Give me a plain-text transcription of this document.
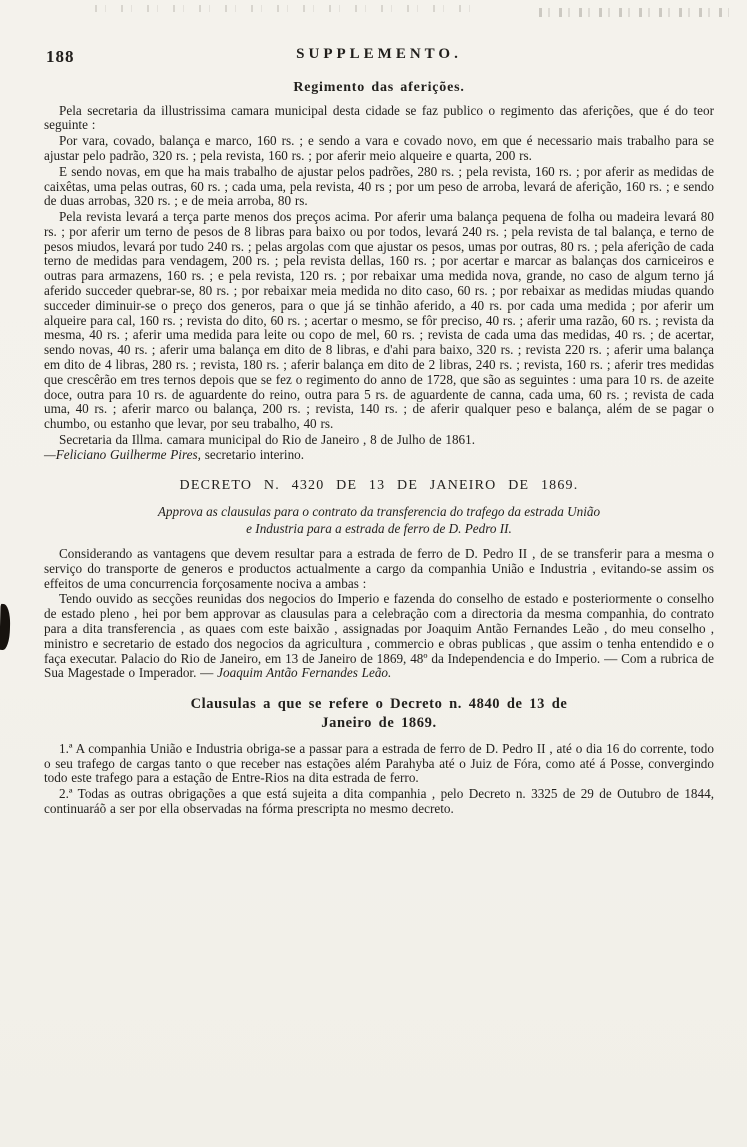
188	SUPPLEMENTO.
Regimento das aferições.

Pela secretaria da illustrissima camara municipal desta cidade se faz publico o regimento das aferições, que é do teor seguinte :

Por vara, covado, balança e marco, 160 rs. ; e sendo a vara e covado novo, em que é necessario mais trabalho para se ajustar pelo padrão, 320 rs. ; pela revista, 160 rs. ; por aferir meio alqueire e quarta, 200 rs.

E sendo novas, em que ha mais trabalho de ajustar pelos padrões, 280 rs. ; pela revista, 160 rs. ; por aferir as medidas de caixêtas, uma pelas outras, 60 rs. ; cada uma, pela revista, 40 rs ; por um peso de arroba, levará de aferição, 160 rs. ; e sendo de duas arrobas, 320 rs. ; e de meia arroba, 80 rs.

Pela revista levará a terça parte menos dos preços acima. Por aferir uma balança pequena de folha ou madeira levará 80 rs. ; por aferir um terno de pesos de 8 libras para baixo ou por todos, levará 240 rs. ; pela revista de tal balança, e terno de pesos miudos, levará por tudo 240 rs. ; pelas argolas com que ajustar os pesos, umas por outras, 80 rs. ; pela aferição de cada terno de medidas para vendagem, 200 rs. ; pela revista dellas, 160 rs. ; por acertar e marcar as balanças dos carniceiros e outras para armazens, 160 rs. ; e pela revista, 120 rs. ; por rebaixar uma medida nova, grande, no caso de algum terno já aferido succeder quebrar-se, 80 rs. ; por rebaixar meia medida no dito caso, 60 rs. ; por rebaixar as medidas miudas quando succeder diminuir-se o preço dos generos, para o que já se tinhão aferido, a 40 rs. por cada uma medida ; por aferir um alqueire para cal, 160 rs. ; revista do dito, 60 rs. ; acertar o mesmo, se fôr preciso, 40 rs. ; aferir uma razão, 60 rs. ; revista da mesma, 40 rs. ; aferir uma medida para leite ou copo de mel, 60 rs. ; revista de cada uma das medidas, 40 rs. ; de acertar, sendo novas, 40 rs. ; aferir uma balança em dito de 8 libras, e d'ahi para baixo, 320 rs. ; revista 220 rs. ; aferir uma balança em dito de 4 libras, 280 rs. ; revista, 180 rs. ; aferir balança em dito de 2 libras, 240 rs. ; revista, 160 rs. ; aferir tres medidas que crescêrão em tres ternos depois que se fez o regimento do anno de 1728, que são as seguintes : uma para 10 rs. de azeite doce, outra para 10 rs. de aguardente do reino, outra para 5 rs. de aguardente de canna, cada uma, 60 rs. ; revista de cada uma, 40 rs. ; aferir marco ou balança, 200 rs. ; revista, 140 rs. ; de aferir qualquer peso e balança, além de se pagar o chumbo, ou estanho que levar, por seu trabalho, 40 rs.

Secretaria da Illma. camara municipal do Rio de Janeiro , 8 de Julho de 1861.
—Feliciano Guilherme Pires, secretario interino.

DECRETO N. 4320 DE 13 DE JANEIRO DE 1869.

Approva as clausulas para o contrato da transferencia do trafego da estrada União
e Industria para a estrada de ferro de D. Pedro II.

Considerando as vantagens que devem resultar para a estrada de ferro de D. Pedro II , de se transferir para a mesma o serviço do transporte de generos e productos actualmente a cargo da companhia União e Industria , evitando-se assim os effeitos de uma concurrencia forçosamente nociva a ambas :

Tendo ouvido as secções reunidas dos negocios do Imperio e fazenda do conselho de estado e posteriormente o conselho de estado pleno , hei por bem approvar as clausulas para a celebração com a directoria da mesma companhia, do contrato para a dita transferencia , as quaes com este baixão , assignadas por Joaquim Antão Fernandes Leão , do meu conselho , ministro e secretario de estado dos negocios da agricultura , commercio e obras publicas , que assim o tenha entendido e o faça executar. Palacio do Rio de Janeiro, em 13 de Janeiro de 1869, 48º da Independencia e do Imperio. — Com a rubrica de Sua Magestade o Imperador. — Joaquim Antão Fernandes Leão.

Clausulas a que se refere o Decreto n. 4840 de 13 de
Janeiro de 1869.

1.ª A companhia União e Industria obriga-se a passar para a estrada de ferro de D. Pedro II , até o dia 16 do corrente, todo o seu trafego de cargas tanto o que receber nas estações além Parahyba até o Juiz de Fóra, como até á Posse, convergindo todo este trafego para a estação de Entre-Rios na dita estrada de ferro.

2.ª Todas as outras obrigações a que está sujeita a dita companhia , pelo Decreto n. 3325 de 29 de Outubro de 1844, continuaráõ a ser por ella observadas na fórma prescripta no mesmo decreto.
